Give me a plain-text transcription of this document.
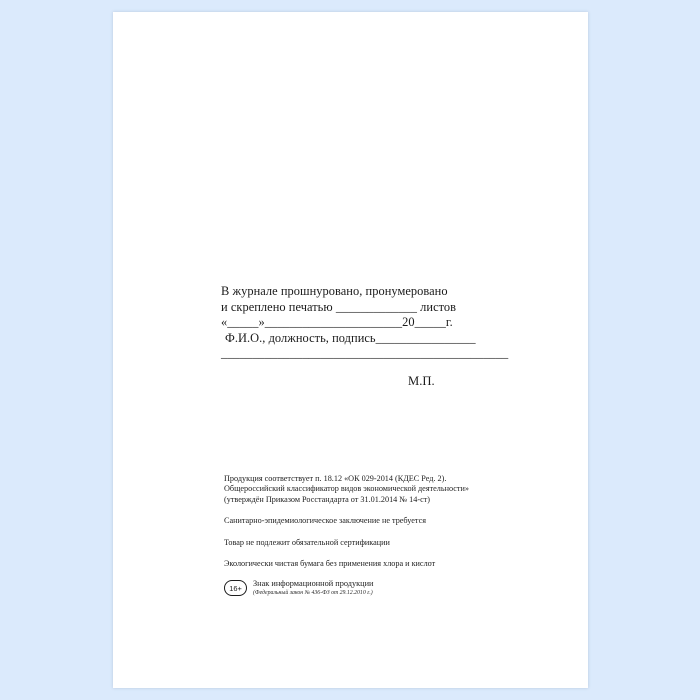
В журнале прошнуровано, пронумеровано
и скреплено печатью _____________ листов
«_____»______________________20_____г.
Ф.И.О., должность, подпись________________
______________________________________________
М.П.
Продукция соответствует п. 18.12 «ОК 029-2014 (КДЕС Ред. 2).
Общероссийский классификатор видов экономической деятельности»
(утверждён Приказом Росстандарта от 31.01.2014 № 14-ст)
Санитарно-эпидемиологическое заключение не требуется
Товар не подлежит обязательной сертификации
Экологически чистая бумага без применения хлора и кислот
16+	Знак информационной продукции
(Федеральный закон № 436-ФЗ от 29.12.2010 г.)
